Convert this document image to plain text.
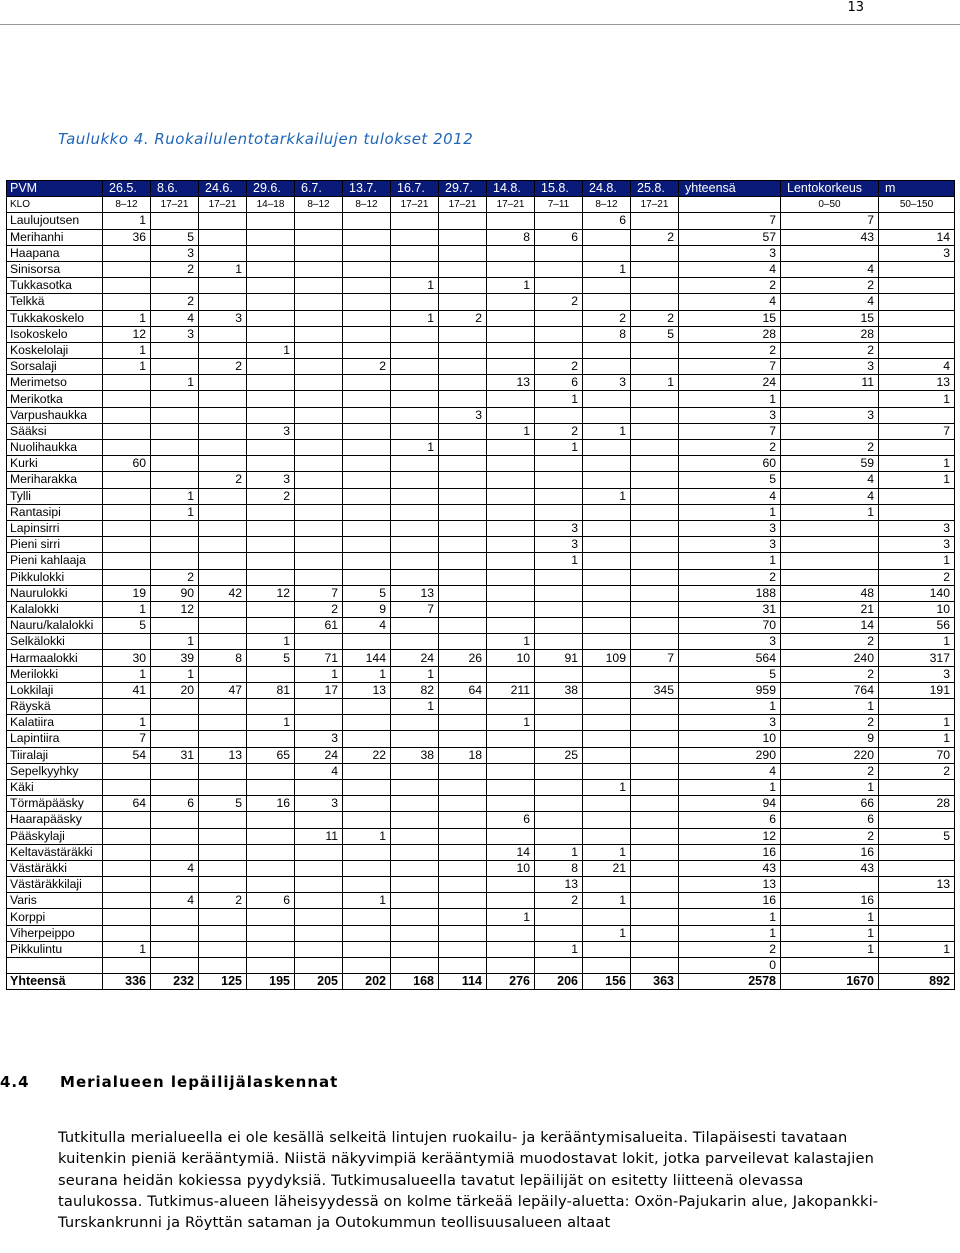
13
Taulukko 4. Ruokailulentotarkkailujen tulokset 2012
PVM	26.5.	8.6.	24.6.	29.6.	6.7.	13.7.	16.7.	29.7.	14.8.	15.8.	24.8.	25.8.	yhteensä	Lentokorkeus	m
KLO	8–12	17–21	17–21	14–18	8–12	8–12	17–21	17–21	17–21	7–11	8–12	17–21		0–50	50–150
Laulujoutsen	1										6		7	7	
Merihanhi	36	5							8	6		2	57	43	14
Haapana		3											3		3
Sinisorsa		2	1								1		4	4	
Tukkasotka							1		1				2	2	
Telkkä		2								2			4	4	
Tukkakoskelo	1	4	3				1	2			2	2	15	15	
Isokoskelo	12	3									8	5	28	28	
Koskelolaji	1			1									2	2	
Sorsalaji	1		2			2				2			7	3	4
Merimetso		1							13	6	3	1	24	11	13
Merikotka										1			1		1
Varpushaukka								3					3	3	
Sääksi				3					1	2	1		7		7
Nuolihaukka							1			1			2	2	
Kurki	60												60	59	1
Meriharakka			2	3									5	4	1
Tylli		1		2							1		4	4	
Rantasipi		1											1	1	
Lapinsirri										3			3		3
Pieni sirri										3			3		3
Pieni kahlaaja										1			1		1
Pikkulokki		2											2		2
Naurulokki	19	90	42	12	7	5	13						188	48	140
Kalalokki	1	12			2	9	7						31	21	10
Nauru/kalalokki	5				61	4							70	14	56
Selkälokki		1		1					1				3	2	1
Harmaalokki	30	39	8	5	71	144	24	26	10	91	109	7	564	240	317
Merilokki	1	1			1	1	1						5	2	3
Lokkilaji	41	20	47	81	17	13	82	64	211	38		345	959	764	191
Räyskä							1						1	1	
Kalatiira	1			1					1				3	2	1
Lapintiira	7				3								10	9	1
Tiiralaji	54	31	13	65	24	22	38	18		25			290	220	70
Sepelkyyhky					4								4	2	2
Käki											1		1	1	
Törmäpääsky	64	6	5	16	3								94	66	28
Haarapääsky									6				6	6	
Pääskylaji					11	1							12	2	5
Keltavästäräkki									14	1	1		16	16	
Västäräkki		4							10	8	21		43	43	
Västäräkkilaji										13			13		13
Varis		4	2	6		1				2	1		16	16	
Korppi									1				1	1	
Viherpeippo											1		1	1	
Pikkulintu	1									1			2	1	1
													0		
Yhteensä	336	232	125	195	205	202	168	114	276	206	156	363	2578	1670	892
4.4 Merialueen lepäilijälaskennat
Tutkitulla merialueella ei ole kesällä selkeitä lintujen ruokailu- ja kerääntymisalueita. Tilapäisesti tavataan kuitenkin pieniä kerääntymiä. Niistä näkyvimpiä kerääntymiä muodostavat lokit, jotka parveilevat kalastajien seurana heidän kokiessa pyydyksiä. Tutkimusalueella tavatut lepäilijät on esitetty liitteenä olevassa taulukossa. Tutkimus-alueen läheisyydessä on kolme tärkeää lepäily-aluetta: Oxön-Pajukarin alue, Jakopankki-Turskankrunni ja Röyttän sataman ja Outokummun teollisuusalueen altaat
